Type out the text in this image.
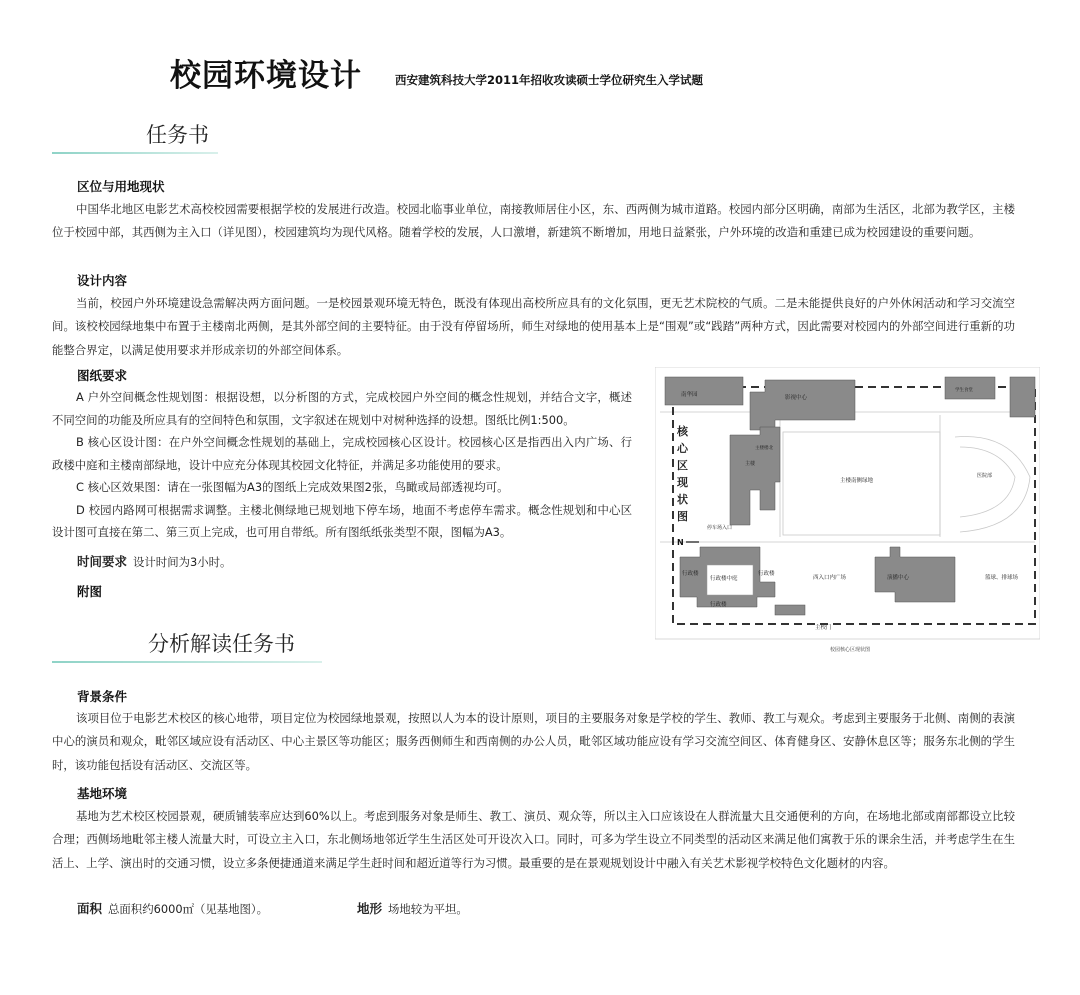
校园环境设计	西安建筑科技大学2011年招收攻读硕士学位研究生入学试题
任务书
区位与用地现状

中国华北地区电影艺术高校校园需要根据学校的发展进行改造。校园北临事业单位，南接教师居住小区，东、西两侧为城市道路。校园内部分区明确，南部为生活区，北部为教学区，主楼位于校园中部，其西侧为主入口（详见图），校园建筑均为现代风格。随着学校的发展，人口激增，新建筑不断增加，用地日益紧张，户外环境的改造和重建已成为校园建设的重要问题。

设计内容

当前，校园户外环境建设急需解决两方面问题。一是校园景观环境无特色，既没有体现出高校所应具有的文化氛围，更无艺术院校的气质。二是未能提供良好的户外休闲活动和学习交流空间。该校校园绿地集中布置于主楼南北两侧，是其外部空间的主要特征。由于没有停留场所，师生对绿地的使用基本上是“围观”或“践踏”两种方式，因此需要对校园内的外部空间进行重新的功能整合界定，以满足使用要求并形成亲切的外部空间体系。

图纸要求

A 户外空间概念性规划图：根据设想，以分析图的方式，完成校园户外空间的概念性规划，并结合文字，概述不同空间的功能及所应具有的空间特色和氛围，文字叙述在规划中对树种选择的设想。图纸比例1:500。

B 核心区设计图：在户外空间概念性规划的基础上，完成校园核心区设计。校园核心区是指西出入内广场、行政楼中庭和主楼南部绿地，设计中应充分体现其校园文化特征，并满足多功能使用的要求。

C 核心区效果图：请在一张图幅为A3的图纸上完成效果图2张，鸟瞰或局部透视均可。

D 校园内路网可根据需求调整。主楼北侧绿地已规划地下停车场，地面不考虑停车需求。概念性规划和中心区设计图可直接在第二、第三页上完成，也可用自带纸。所有图纸纸张类型不限，图幅为A3。

时间要求 设计时间为3小时。
附图
分析解读任务书
背景条件

该项目位于电影艺术校区的核心地带，项目定位为校园绿地景观，按照以人为本的设计原则，项目的主要服务对象是学校的学生、教师、教工与观众。考虑到主要服务于北侧、南侧的表演中心的演员和观众，毗邻区域应设有活动区、中心主景区等功能区；服务西侧师生和西南侧的办公人员，毗邻区域功能应设有学习交流空间区、体育健身区、安静休息区等；服务东北侧的学生时，该功能包括设有活动区、交流区等。

基地环境

基地为艺术校区校园景观，硬质铺装率应达到60%以上。考虑到服务对象是师生、教工、演员、观众等，所以主入口应该设在人群流量大且交通便利的方向，在场地北部或南部都设立比较合理；西侧场地毗邻主楼人流量大时，可设立主入口，东北侧场地邻近学生生活区处可开设次入口。同时，可多为学生设立不同类型的活动区来满足他们寓教于乐的课余生活，并考虑学生在生活上、上学、演出时的交通习惯，设立多条便捷通道来满足学生赶时间和超近道等行为习惯。最重要的是在景观规划设计中融入有关艺术影视学校特色文化题材的内容。

面积 总面积约6000㎡（见基地图）。	地形 场地较为平坦。
南华园	影视中心
学生食堂
主楼
主楼楼北
主楼南侧绿地
医院部
停车场入口
行政楼中庭
行政楼	行政楼
行政楼
西入口内广场	演播中心	篮球、排球场
主校门
N
核 心 区 现 状 图
校园核心区现状图
